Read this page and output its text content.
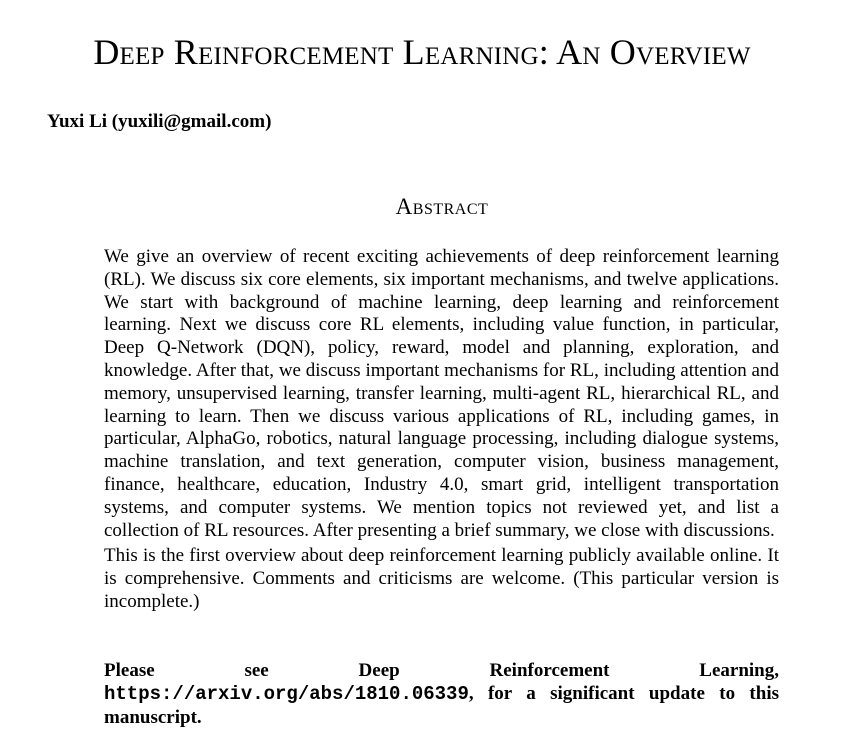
Deep Reinforcement Learning: An Overview
Yuxi Li (yuxili@gmail.com)
Abstract

We give an overview of recent exciting achievements of deep reinforcement learning (RL). We discuss six core elements, six important mechanisms, and twelve applications. We start with background of machine learning, deep learning and reinforcement learning. Next we discuss core RL elements, including value function, in particular, Deep Q-Network (DQN), policy, reward, model and planning, exploration, and knowledge. After that, we discuss important mechanisms for RL, including attention and memory, unsupervised learning, transfer learning, multi-agent RL, hierarchical RL, and learning to learn. Then we discuss various applications of RL, including games, in particular, AlphaGo, robotics, natural language processing, including dialogue systems, machine translation, and text generation, computer vision, business management, finance, healthcare, education, Industry 4.0, smart grid, intelligent transportation systems, and computer systems. We mention topics not reviewed yet, and list a collection of RL resources. After presenting a brief summary, we close with discussions.

This is the first overview about deep reinforcement learning publicly available online. It is comprehensive. Comments and criticisms are welcome. (This particular version is incomplete.)

Please see Deep Reinforcement Learning, https://arxiv.org/abs/1810.06339, for a significant update to this manuscript.
